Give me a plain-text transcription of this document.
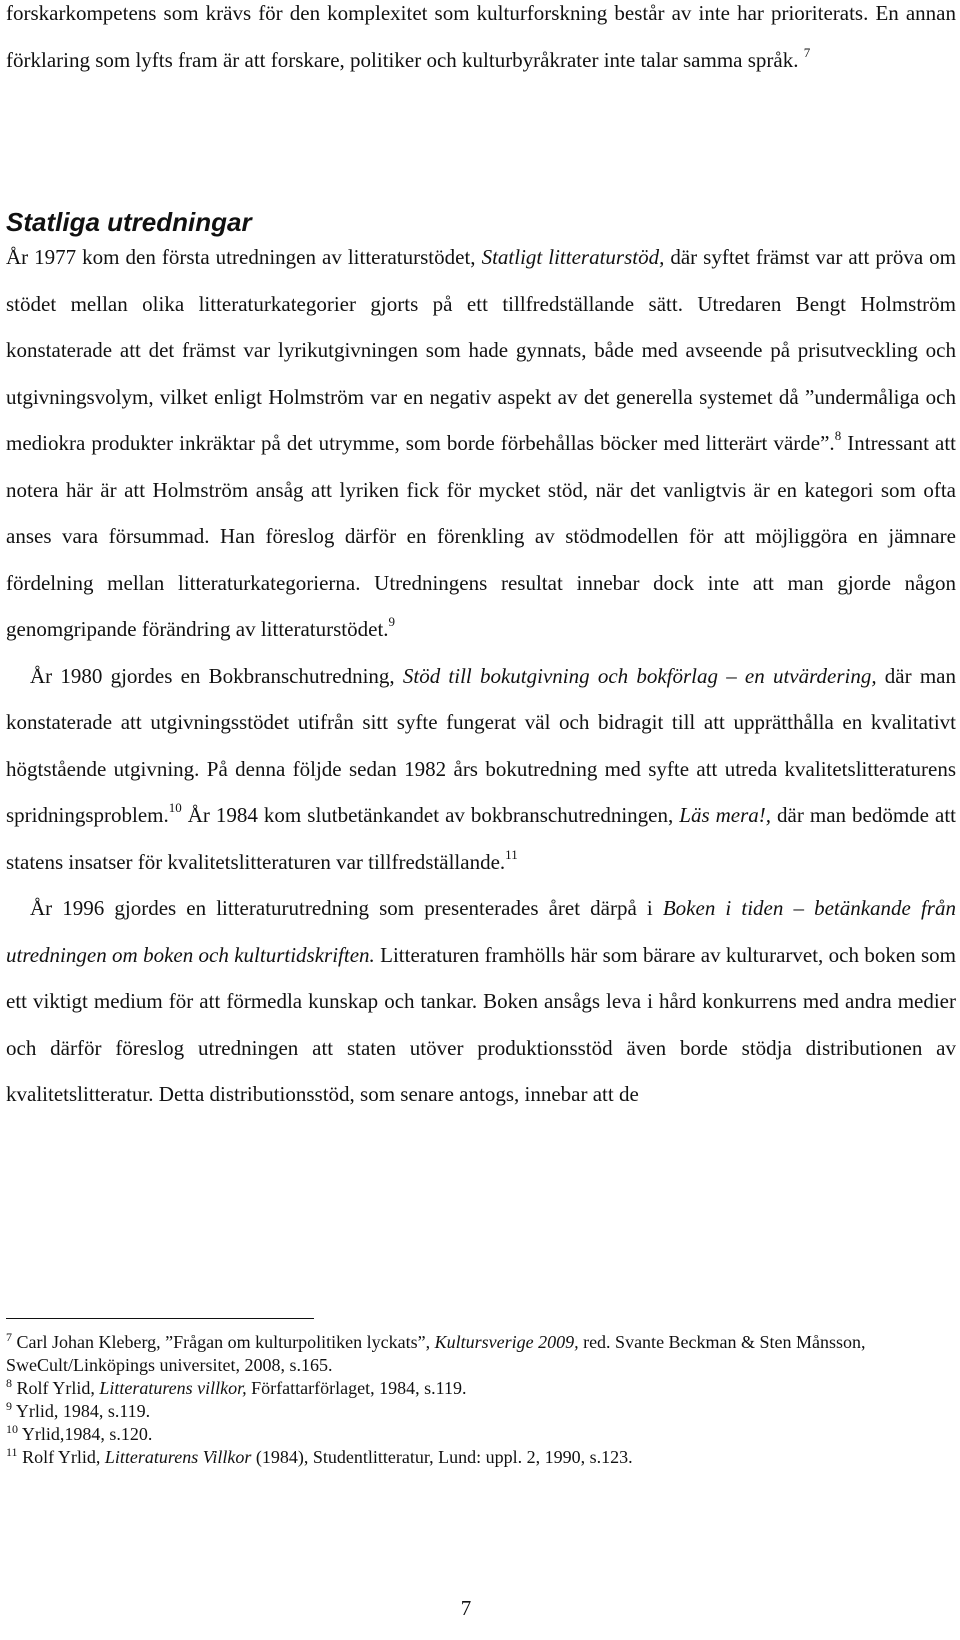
forskarkompetens som krävs för den komplexitet som kulturforskning består av inte har prioriterats. En annan förklaring som lyfts fram är att forskare, politiker och kulturbyråkrater inte talar samma språk. $^7$

Statliga utredningar

År 1977 kom den första utredningen av litteraturstödet, Statligt litteraturstöd, där syftet främst var att pröva om stödet mellan olika litteraturkategorier gjorts på ett tillfredställande sätt. Utredaren Bengt Holmström konstaterade att det främst var lyrikutgivningen som hade gynnats, både med avseende på prisutveckling och utgivningsvolym, vilket enligt Holmström var en negativ aspekt av det generella systemet då ”undermåliga och mediokra produkter inkräktar på det utrymme, som borde förbehållas böcker med litterärt värde”.$^8$ Intressant att notera här är att Holmström ansåg att lyriken fick för mycket stöd, när det vanligtvis är en kategori som ofta anses vara försummad. Han föreslog därför en förenkling av stödmodellen för att möjliggöra en jämnare fördelning mellan litteraturkategorierna. Utredningens resultat innebar dock inte att man gjorde någon genomgripande förändring av litteraturstödet.$^9$

År 1980 gjordes en Bokbranschutredning, Stöd till bokutgivning och bokförlag – en utvärdering, där man konstaterade att utgivningsstödet utifrån sitt syfte fungerat väl och bidragit till att upprätthålla en kvalitativt högtstående utgivning. På denna följde sedan 1982 års bokutredning med syfte att utreda kvalitetslitteraturens spridningsproblem.$^{10}$ År 1984 kom slutbetänkandet av bokbranschutredningen, Läs mera!, där man bedömde att statens insatser för kvalitetslitteraturen var tillfredställande.$^{11}$

År 1996 gjordes en litteraturutredning som presenterades året därpå i Boken i tiden – betänkande från utredningen om boken och kulturtidskriften. Litteraturen framhölls här som bärare av kulturarvet, och boken som ett viktigt medium för att förmedla kunskap och tankar. Boken ansågs leva i hård konkurrens med andra medier och därför föreslog utredningen att staten utöver produktionsstöd även borde stödja distributionen av kvalitetslitteratur. Detta distributionsstöd, som senare antogs, innebar att de

$^7$ Carl Johan Kleberg, ”Frågan om kulturpolitiken lyckats”, Kultursverige 2009, red. Svante Beckman & Sten Månsson, SweCult/Linköpings universitet, 2008, s.165.

$^8$ Rolf Yrlid, Litteraturens villkor, Författarförlaget, 1984, s.119.

$^9$ Yrlid, 1984, s.119.

$^{10}$ Yrlid,1984, s.120.

$^{11}$ Rolf Yrlid, Litteraturens Villkor (1984), Studentlitteratur, Lund: uppl. 2, 1990, s.123.

7
